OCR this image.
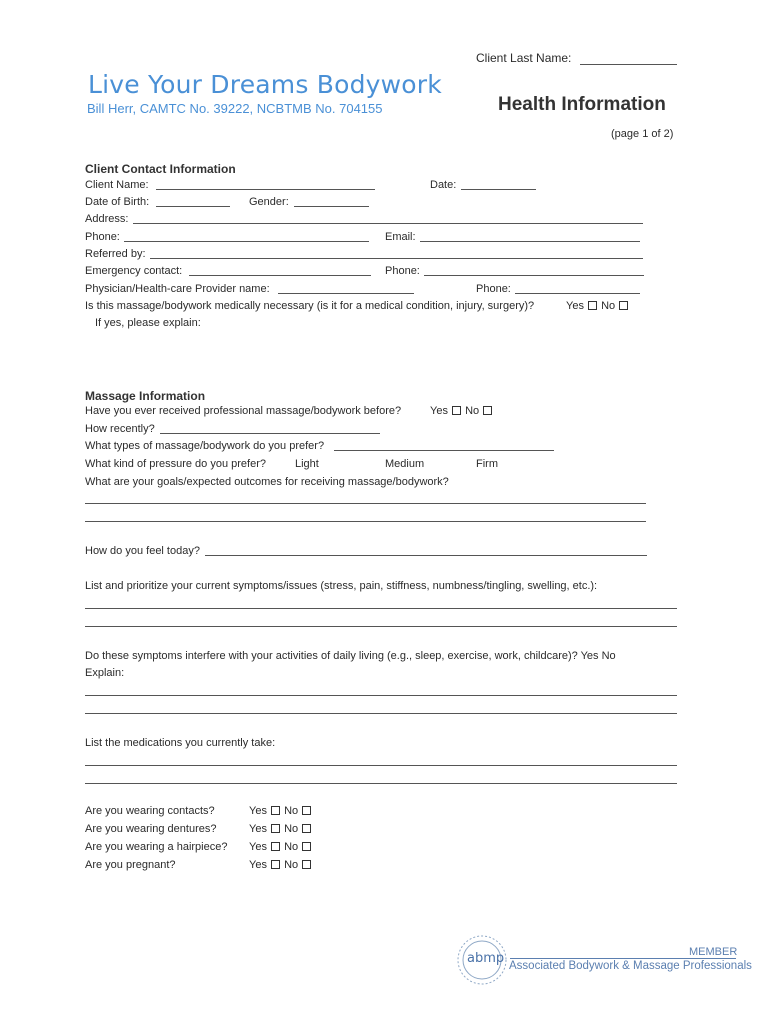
Client Last Name:
Live Your Dreams Bodywork
Bill Herr, CAMTC No. 39222, NCBTMB No. 704155	Health Information
(page 1 of 2)
Client Contact Information
Client Name:	Date:
Date of Birth:	Gender:
Address:
Phone:	Email:
Referred by:
Emergency contact:	Phone:
Physician/Health-care Provider name:	Phone:
Is this massage/bodywork medically necessary (is it for a medical condition, injury, surgery)?	Yes No
If yes, please explain:
Massage Information
Have you ever received professional massage/bodywork before?	Yes No
How recently?
What types of massage/bodywork do you prefer?
What kind of pressure do you prefer?	Light	Medium	Firm
What are your goals/expected outcomes for receiving massage/bodywork?
How do you feel today?
List and prioritize your current symptoms/issues (stress, pain, stiffness, numbness/tingling, swelling, etc.):
Do these symptoms interfere with your activities of daily living (e.g., sleep, exercise, work, childcare)? Yes No
Explain:
List the medications you currently take:
Are you wearing contacts?	Yes No
Are you wearing dentures?	Yes No
Are you wearing a hairpiece? Yes No
Are you pregnant?	Yes No
abmp	MEMBER
Associated Bodywork & Massage Professionals
